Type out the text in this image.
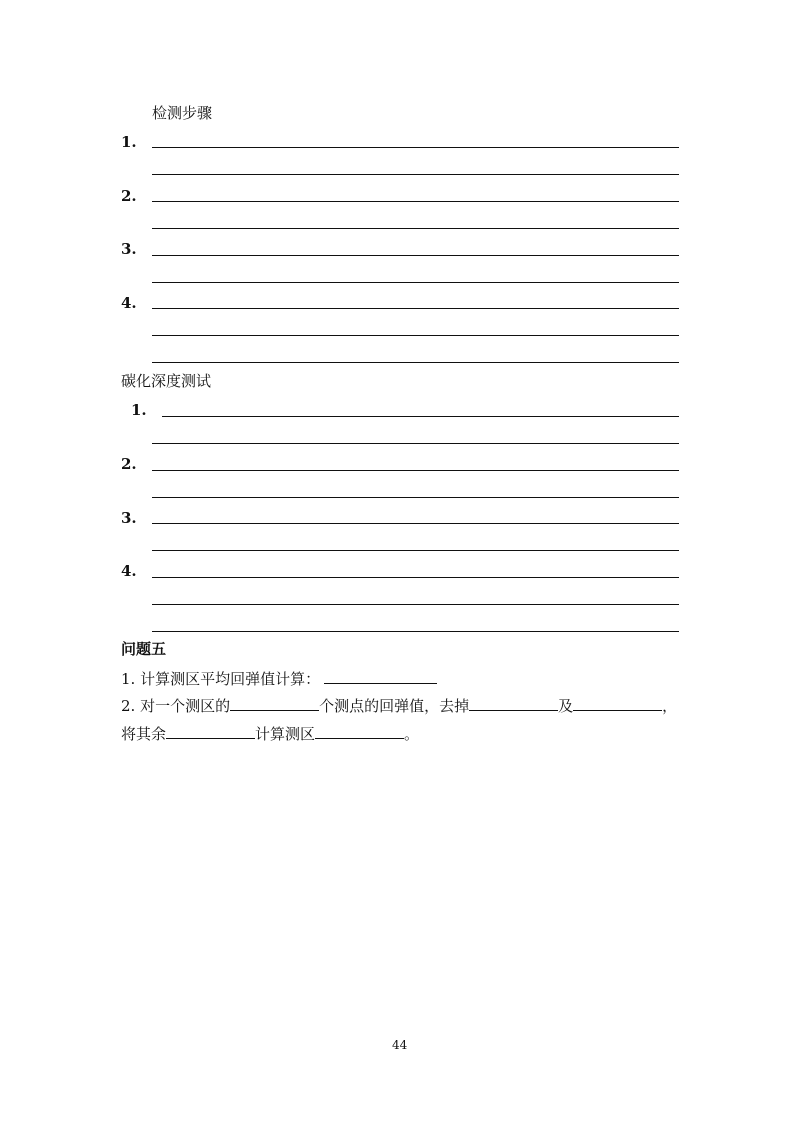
检测步骤
1.
2.
3.
4.
碳化深度测试
1.
2.
3.
4.
问题五
1. 计算测区平均回弹值计算：
2. 对一个测区的	个测点的回弹值，去掉	及	，
将其余	计算测区	。
44
